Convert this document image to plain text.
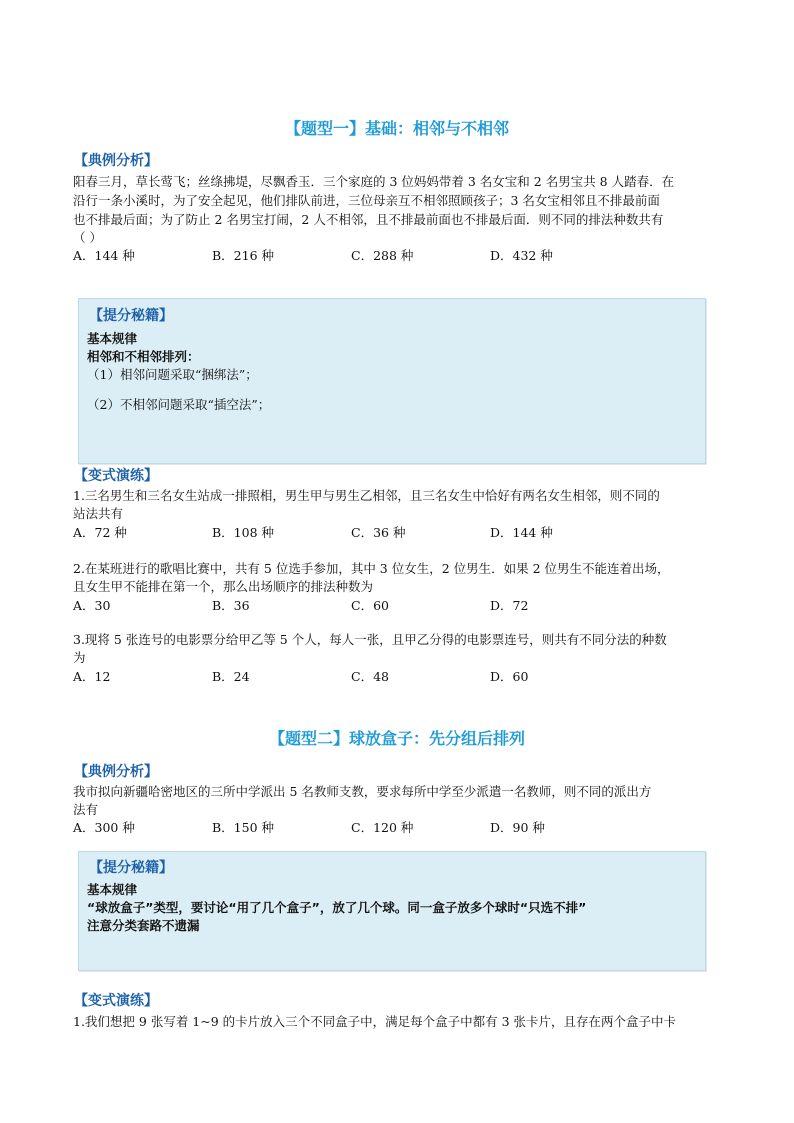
【题型一】基础：相邻与不相邻
【典例分析】
阳春三月，草长莺飞；丝绦拂堤，尽飘香玉．三个家庭的 3 位妈妈带着 3 名女宝和 2 名男宝共 8 人踏春．在
沿行一条小溪时，为了安全起见，他们排队前进，三位母亲互不相邻照顾孩子；3 名女宝相邻且不排最前面
也不排最后面；为了防止 2 名男宝打闹，2 人不相邻，且不排最前面也不排最后面．则不同的排法种数共有
（ ）
A．144 种	B．216 种	C．288 种	D．432 种
【提分秘籍】
基本规律
相邻和不相邻排列：
（1）相邻问题采取“捆绑法”；
（2）不相邻问题采取“插空法”；
【变式演练】
1.三名男生和三名女生站成一排照相，男生甲与男生乙相邻，且三名女生中恰好有两名女生相邻，则不同的
站法共有
A．72 种	B．108 种	C．36 种	D．144 种
2.在某班进行的歌唱比赛中，共有 5 位选手参加，其中 3 位女生，2 位男生．如果 2 位男生不能连着出场，
且女生甲不能排在第一个，那么出场顺序的排法种数为
A．30	B．36	C．60	D．72
3.现将 5 张连号的电影票分给甲乙等 5 个人，每人一张，且甲乙分得的电影票连号，则共有不同分法的种数
为
A．12	B．24	C．48	D．60
【题型二】球放盒子：先分组后排列
【典例分析】
我市拟向新疆哈密地区的三所中学派出 5 名教师支教，要求每所中学至少派遣一名教师，则不同的派出方
法有
A．300 种	B．150 种	C．120 种	D．90 种
【提分秘籍】
基本规律
“球放盒子”类型，要讨论“用了几个盒子”，放了几个球。同一盒子放多个球时“只选不排”
注意分类套路不遗漏
【变式演练】
1.我们想把 9 张写着 1~9 的卡片放入三个不同盒子中，满足每个盒子中都有 3 张卡片，且存在两个盒子中卡
